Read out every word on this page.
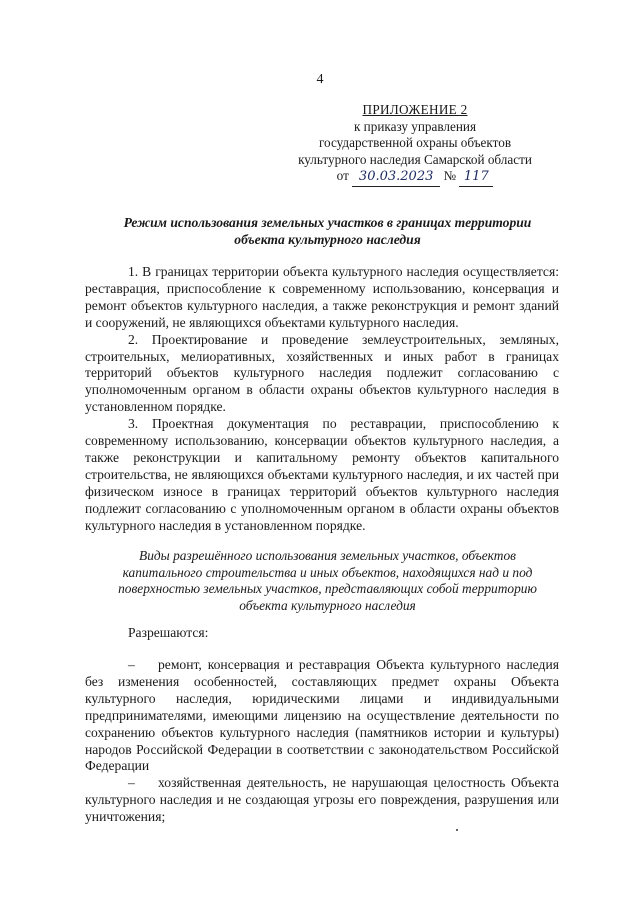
4
ПРИЛОЖЕНИЕ 2
к приказу управления
государственной охраны объектов
культурного наследия Самарской области
от 30.03.2023 № 117
Режим использования земельных участков в границах территории объекта культурного наследия

1. В границах территории объекта культурного наследия осуществляется: реставрация, приспособление к современному использованию, консервация и ремонт объектов культурного наследия, а также реконструкция и ремонт зданий и сооружений, не являющихся объектами культурного наследия.

2. Проектирование и проведение землеустроительных, земляных, строительных, мелиоративных, хозяйственных и иных работ в границах территорий объектов культурного наследия подлежит согласованию с уполномоченным органом в области охраны объектов культурного наследия в установленном порядке.

3. Проектная документация по реставрации, приспособлению к современному использованию, консервации объектов культурного наследия, а также реконструкции и капитальному ремонту объектов капитального строительства, не являющихся объектами культурного наследия, и их частей при физическом износе в границах территорий объектов культурного наследия подлежит согласованию с уполномоченным органом в области охраны объектов культурного наследия в установленном порядке.

Виды разрешённого использования земельных участков, объектов капитального строительства и иных объектов, находящихся над и под поверхностью земельных участков, представляющих собой территорию объекта культурного наследия
Разрешаются:

– ремонт, консервация и реставрация Объекта культурного наследия без изменения особенностей, составляющих предмет охраны Объекта культурного наследия, юридическими лицами и индивидуальными предпринимателями, имеющими лицензию на осуществление деятельности по сохранению объектов культурного наследия (памятников истории и культуры) народов Российской Федерации в соответствии с законодательством Российской Федерации

– хозяйственная деятельность, не нарушающая целостность Объекта культурного наследия и не создающая угрозы его повреждения, разрушения или уничтожения;
